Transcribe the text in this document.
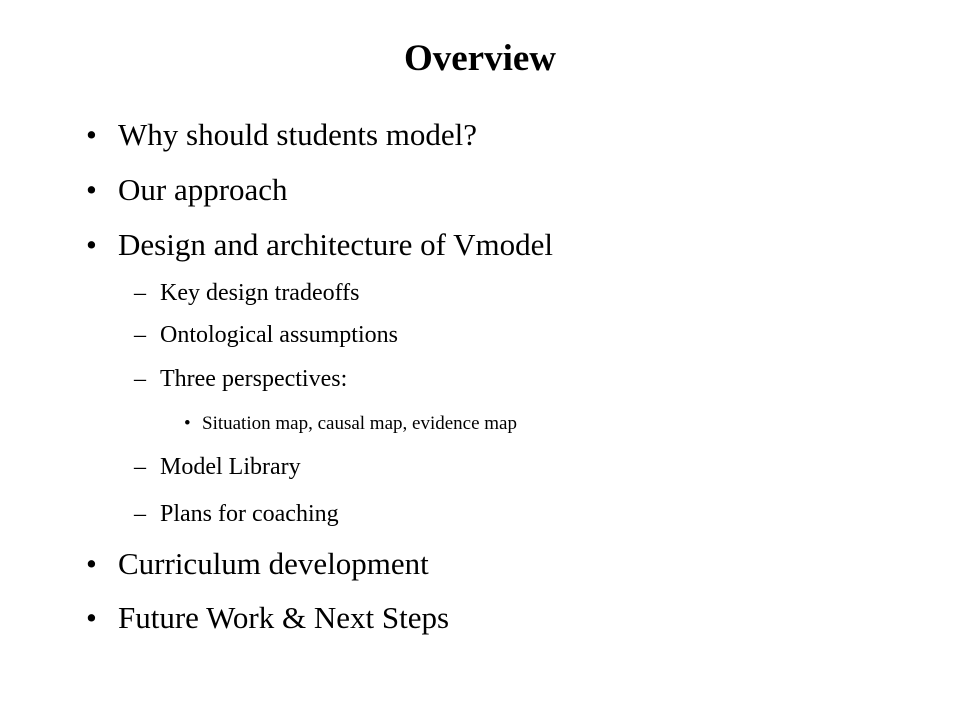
Overview
• Why should students model?
• Our approach
• Design and architecture of Vmodel
– Key design tradeoffs
– Ontological assumptions
– Three perspectives:
• Situation map, causal map, evidence map
– Model Library
– Plans for coaching
• Curriculum development
• Future Work & Next Steps
